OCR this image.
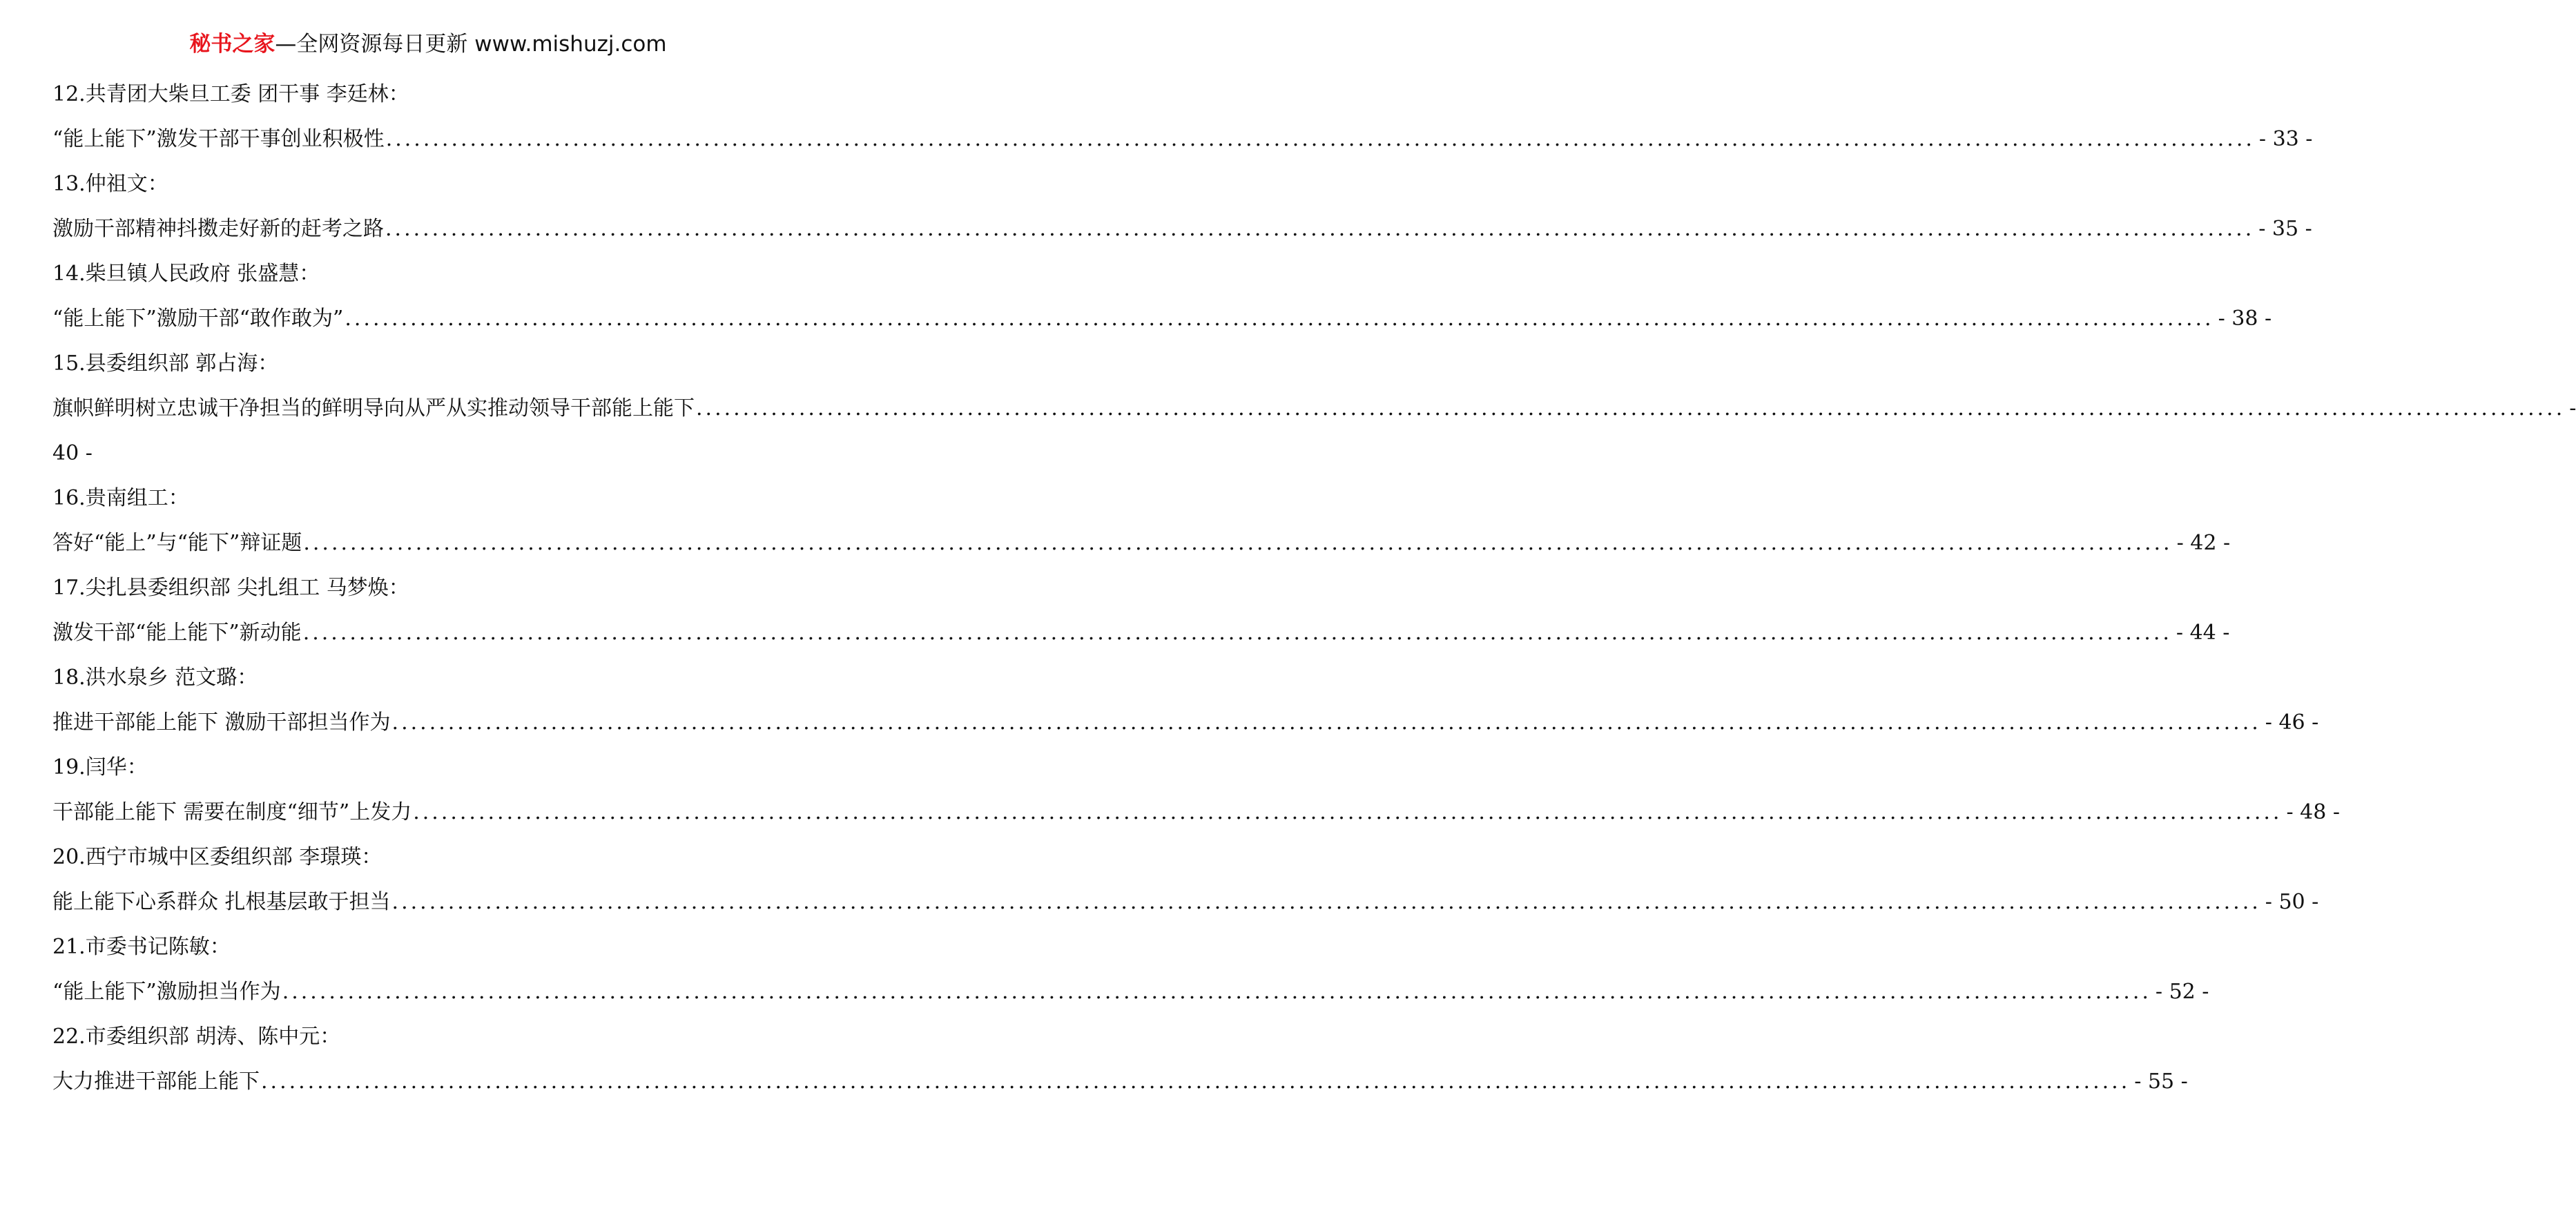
秘书之家—全网资源每日更新 www.mishuzj.com
12.共青团大柴旦工委 团干事 李廷林：
“能上能下”激发干部干事创业积极性 ........................................................................................................................................................................................................ - 33 -
13.仲祖文：
激励干部精神抖擞走好新的赶考之路 ........................................................................................................................................................................................................ - 35 -
14.柴旦镇人民政府 张盛慧：
“能上能下”激励干部“敢作敢为” ........................................................................................................................................................................................................ - 38 -
15.县委组织部 郭占海：
旗帜鲜明树立忠诚干净担当的鲜明导向从严从实推动领导干部能上能下 ........................................................................................................................................................................................................ -
40 -
16.贵南组工：
答好“能上”与“能下”辩证题 ........................................................................................................................................................................................................ - 42 -
17.尖扎县委组织部 尖扎组工 马梦焕：
激发干部“能上能下”新动能 ........................................................................................................................................................................................................ - 44 -
18.洪水泉乡 范文璐：
推进干部能上能下 激励干部担当作为 ........................................................................................................................................................................................................ - 46 -
19.闫华：
干部能上能下 需要在制度“细节”上发力 ........................................................................................................................................................................................................ - 48 -
20.西宁市城中区委组织部 李璟瑛：
能上能下心系群众 扎根基层敢于担当 ........................................................................................................................................................................................................ - 50 -
21.市委书记陈敏：
“能上能下”激励担当作为 ........................................................................................................................................................................................................ - 52 -
22.市委组织部 胡涛、陈中元：
大力推进干部能上能下 ........................................................................................................................................................................................................ - 55 -
